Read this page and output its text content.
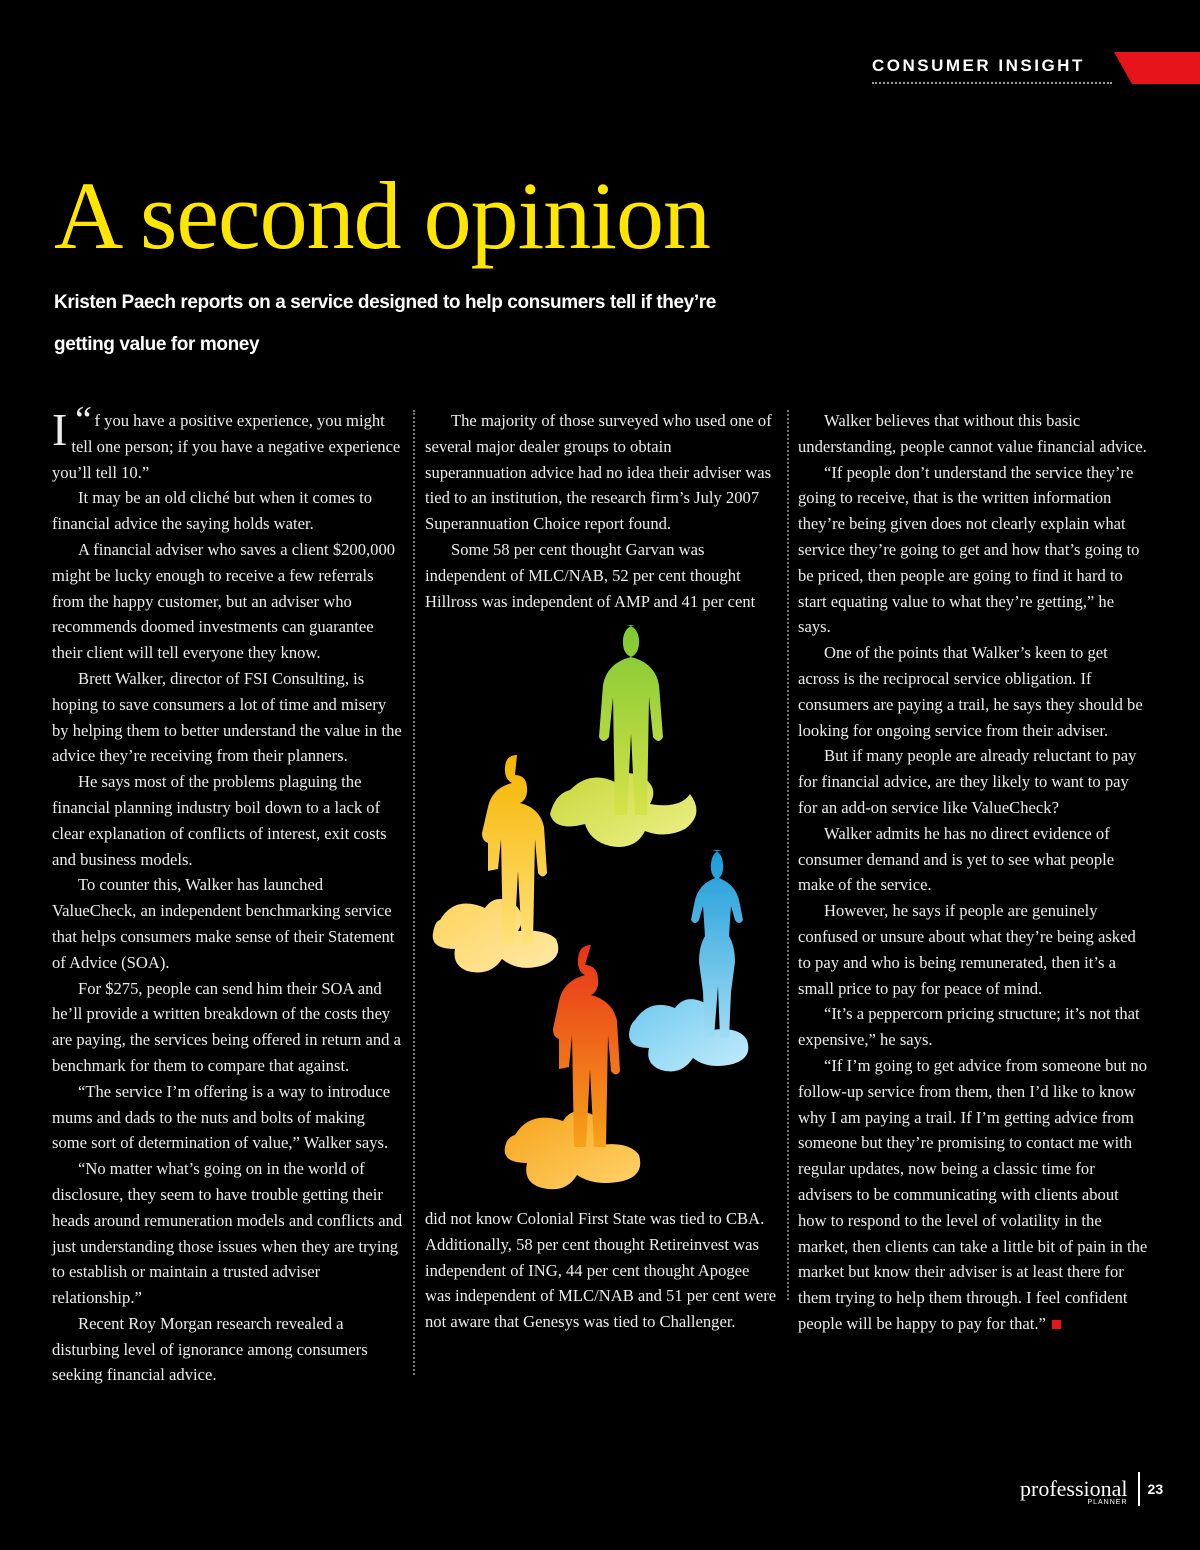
CONSUMER INSIGHT
A second opinion

Kristen Paech reports on a service designed to help consumers tell if they’re
getting value for money

“
I f you have a positive experience, you might tell one person; if you have a negative experience you’ll tell 10.”

It may be an old cliché but when it comes to financial advice the saying holds water.

A financial adviser who saves a client $200,000 might be lucky enough to receive a few referrals from the happy customer, but an adviser who recommends doomed investments can guarantee their client will tell everyone they know.

Brett Walker, director of FSI Consulting, is hoping to save consumers a lot of time and misery by helping them to better understand the value in the advice they’re receiving from their planners.

He says most of the problems plaguing the financial planning industry boil down to a lack of clear explanation of conflicts of interest, exit costs and business models.

To counter this, Walker has launched ValueCheck, an independent benchmarking service that helps consumers make sense of their Statement of Advice (SOA).

For $275, people can send him their SOA and he’ll provide a written breakdown of the costs they are paying, the services being offered in return and a benchmark for them to compare that against.

“The service I’m offering is a way to introduce mums and dads to the nuts and bolts of making some sort of determination of value,” Walker says.

“No matter what’s going on in the world of disclosure, they seem to have trouble getting their heads around remuneration models and conflicts and just understanding those issues when they are trying to establish or maintain a trusted adviser relationship.”

Recent Roy Morgan research revealed a disturbing level of ignorance among consumers seeking financial advice.

The majority of those surveyed who used one of several major dealer groups to obtain superannuation advice had no idea their adviser was tied to an institution, the research firm’s July 2007 Superannuation Choice report found.

Some 58 per cent thought Garvan was independent of MLC/NAB, 52 per cent thought Hillross was independent of AMP and 41 per cent

did not know Colonial First State was tied to CBA. Additionally, 58 per cent thought Retireinvest was independent of ING, 44 per cent thought Apogee was independent of MLC/NAB and 51 per cent were not aware that Genesys was tied to Challenger.

Walker believes that without this basic understanding, people cannot value financial advice.

“If people don’t understand the service they’re going to receive, that is the written information they’re being given does not clearly explain what service they’re going to get and how that’s going to be priced, then people are going to find it hard to start equating value to what they’re getting,” he says.

One of the points that Walker’s keen to get across is the reciprocal service obligation. If consumers are paying a trail, he says they should be looking for ongoing service from their adviser.

But if many people are already reluctant to pay for financial advice, are they likely to want to pay for an add-on service like ValueCheck?

Walker admits he has no direct evidence of consumer demand and is yet to see what people make of the service.

However, he says if people are genuinely confused or unsure about what they’re being asked to pay and who is being remunerated, then it’s a small price to pay for peace of mind.

“It’s a peppercorn pricing structure; it’s not that expensive,” he says.

“If I’m going to get advice from someone but no follow-up service from them, then I’d like to know why I am paying a trail. If I’m getting advice from someone but they’re promising to contact me with regular updates, now being a classic time for advisers to be communicating with clients about how to respond to the level of volatility in the market, then clients can take a little bit of pain in the market but know their adviser is at least there for them trying to help them through. I feel confident people will be happy to pay for that.”

professional
PLANNER
23
